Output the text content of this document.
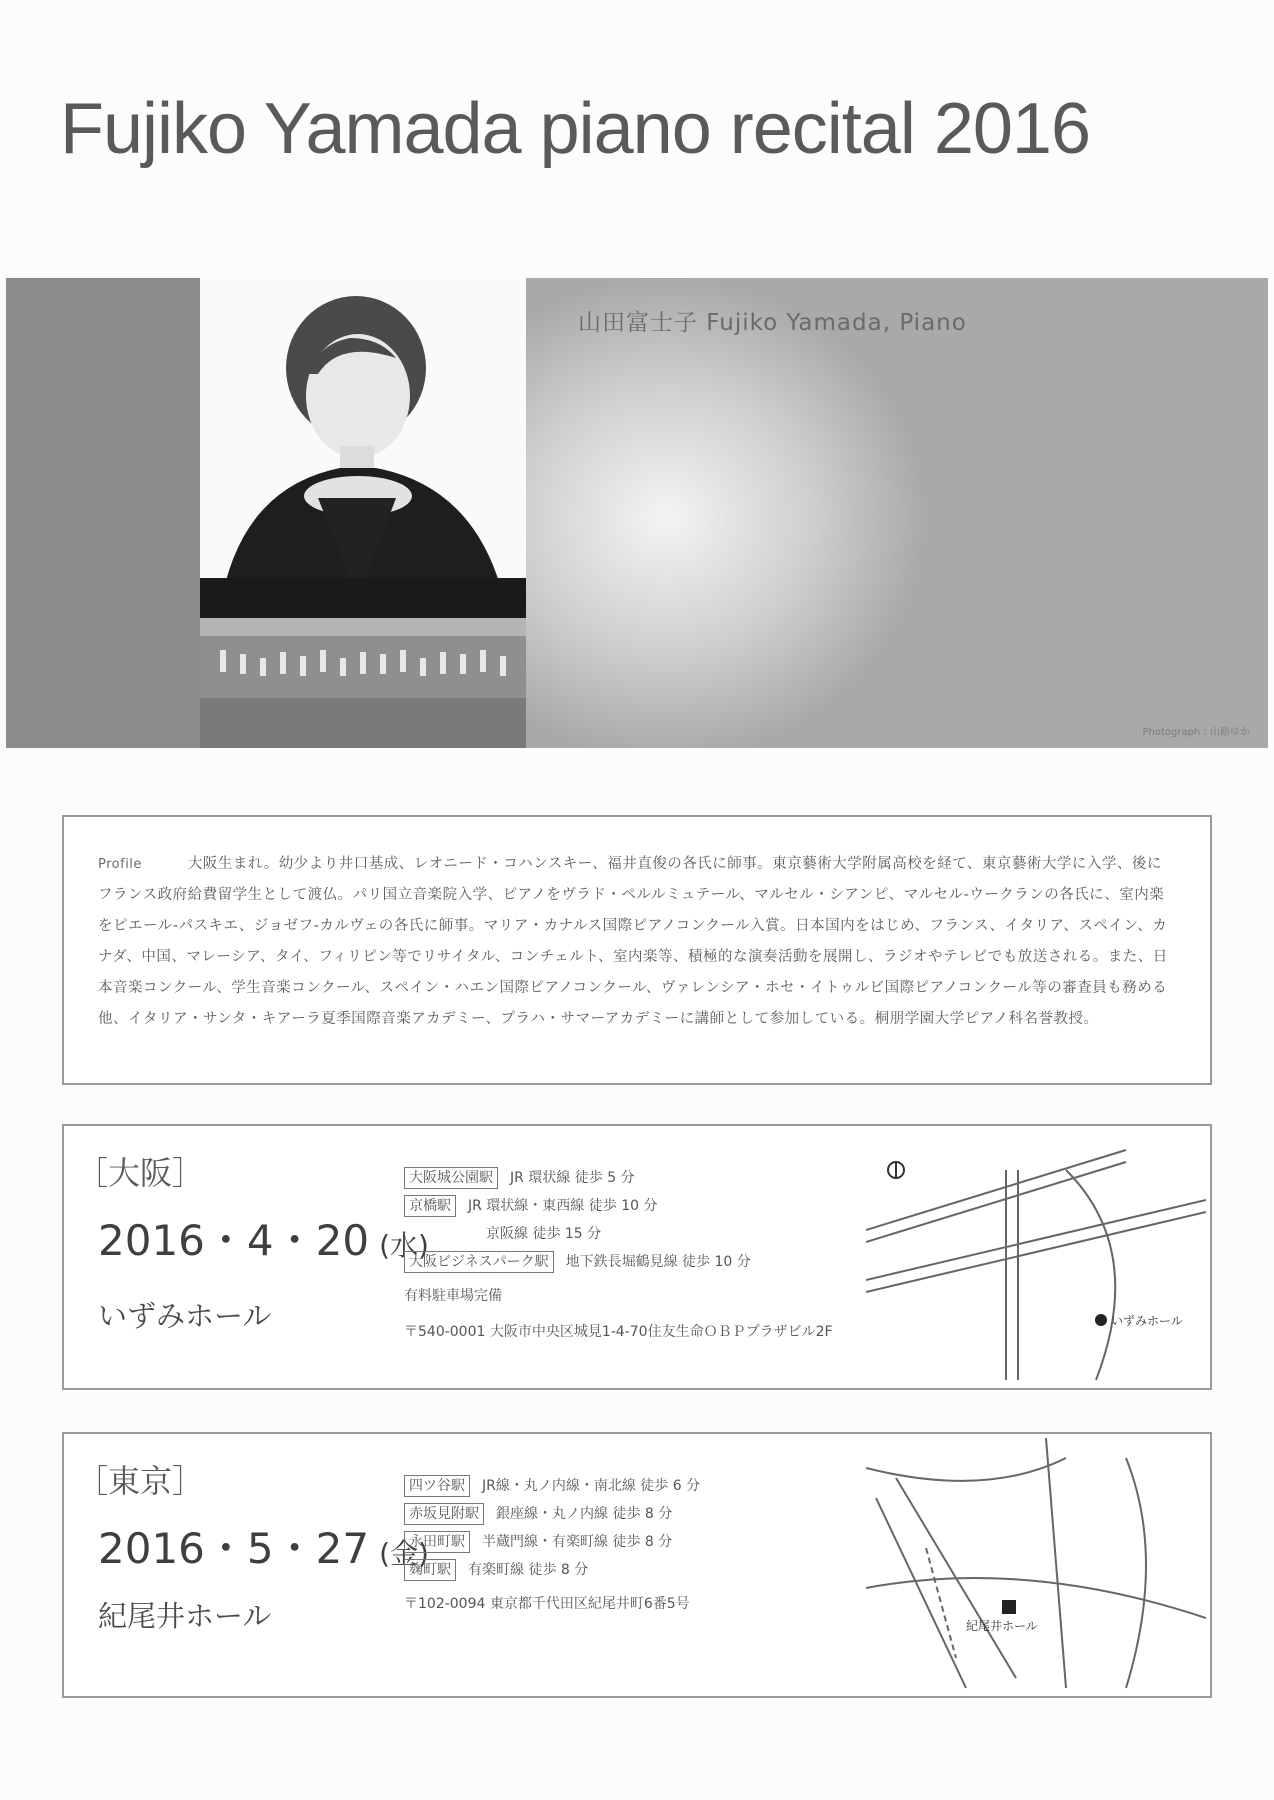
Fujiko Yamada piano recital 2016
山田富士子 Fujiko Yamada, Piano
Photograph : 山路ゆか
Profile	大阪生まれ。幼少より井口基成、レオニード・コハンスキー、福井直俊の各氏に師事。東京藝術大学附属高校を経て、東京藝術大学に入学、後にフランス政府給費留学生として渡仏。パリ国立音楽院入学、ピアノをヴラド・ペルルミュテール、マルセル・シアンピ、マルセル-ウークランの各氏に、室内楽をピエール-パスキエ、ジョゼフ-カルヴェの各氏に師事。マリア・カナルス国際ピアノコンクール入賞。日本国内をはじめ、フランス、イタリア、スペイン、カナダ、中国、マレーシア、タイ、フィリピン等でリサイタル、コンチェルト、室内楽等、積極的な演奏活動を展開し、ラジオやテレビでも放送される。また、日本音楽コンクール、学生音楽コンクール、スペイン・ハエン国際ピアノコンクール、ヴァレンシア・ホセ・イトゥルビ国際ピアノコンクール等の審査員も務める他、イタリア・サンタ・キアーラ夏季国際音楽アカデミー、プラハ・サマーアカデミーに講師として参加している。桐朋学園大学ピアノ科名誉教授。
［大阪］
2016・4・20 (水)
いずみホール
大阪城公園駅 JR 環状線 徒歩 5 分
京橋駅 JR 環状線・東西線 徒歩 10 分
京阪線 徒歩 15 分
大阪ビジネスパーク駅 地下鉄長堀鶴見線 徒歩 10 分
有料駐車場完備
〒540-0001 大阪市中央区城見1-4-70住友生命ＯＢＰプラザビル2F
いずみホール
［東京］
2016・5・27 (金)
紀尾井ホール
四ツ谷駅 JR線・丸ノ内線・南北線 徒歩 6 分
赤坂見附駅 銀座線・丸ノ内線 徒歩 8 分
永田町駅 半蔵門線・有楽町線 徒歩 8 分
麹町駅 有楽町線 徒歩 8 分
〒102-0094 東京都千代田区紀尾井町6番5号
紀尾井ホール
